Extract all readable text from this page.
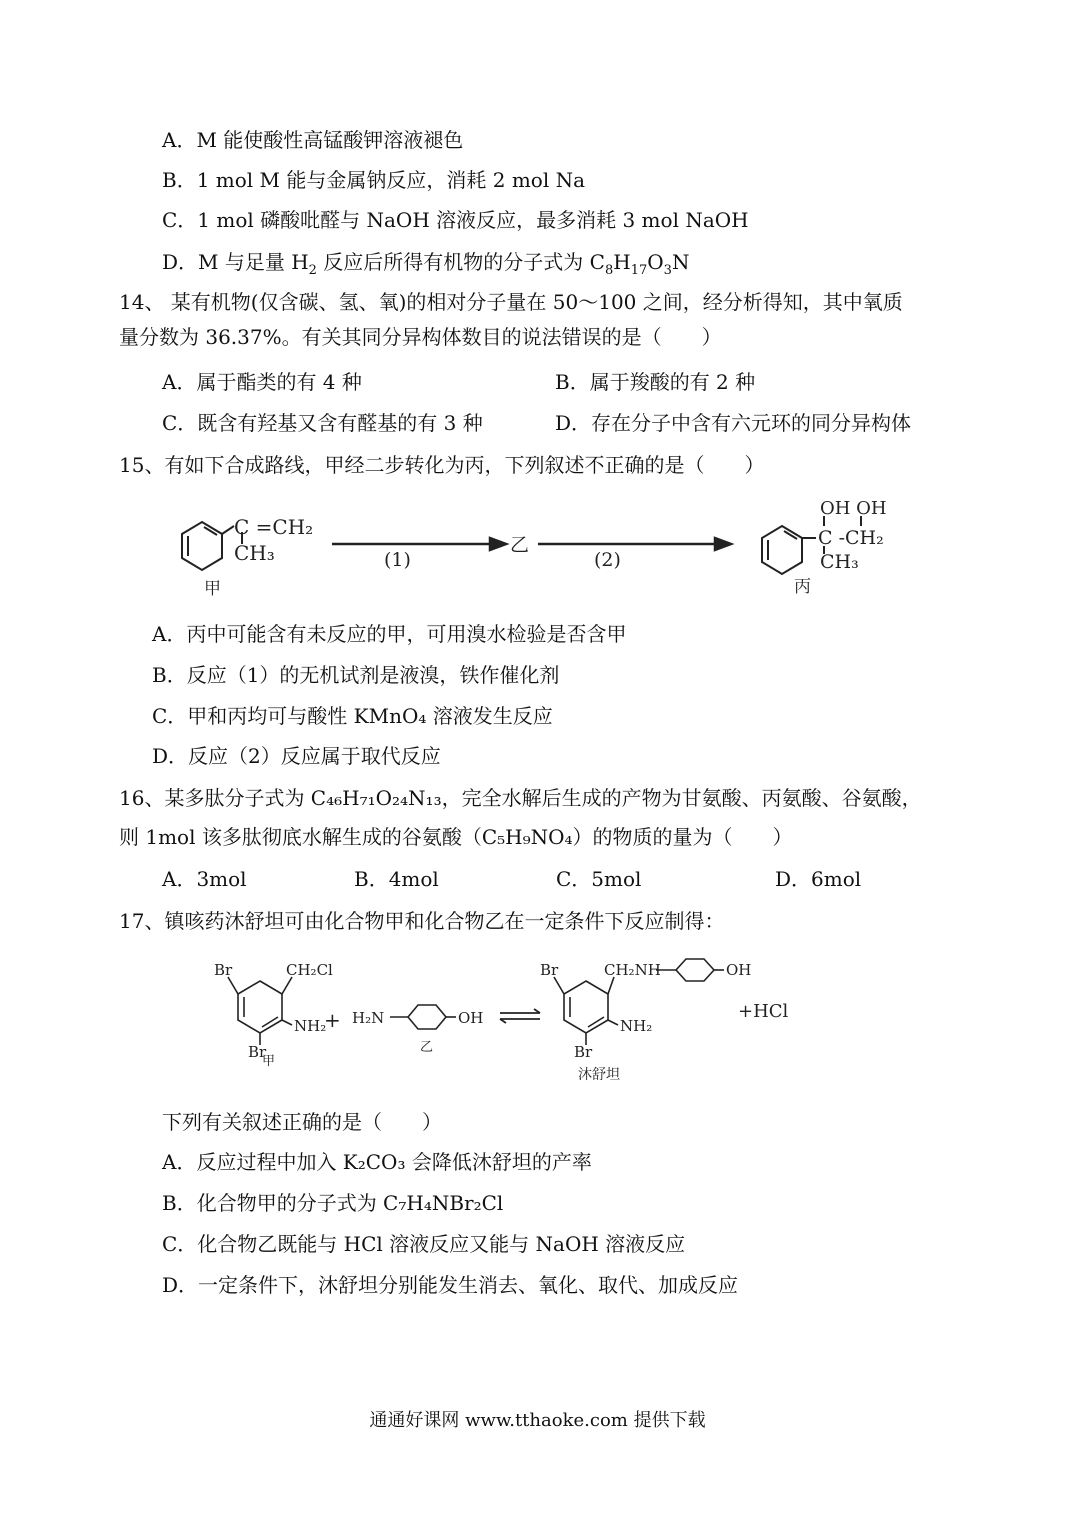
A．M 能使酸性高锰酸钾溶液褪色
B．1 mol M 能与金属钠反应，消耗 2 mol Na
C．1 mol 磷酸吡醛与 NaOH 溶液反应，最多消耗 3 mol NaOH
D．M 与足量 $H_2$ 反应后所得有机物的分子式为 $C_8H_{17}O_3N$
14、 某有机物(仅含碳、氢、氧)的相对分子量在 50～100 之间，经分析得知，其中氧质
量分数为 36.37%。有关其同分异构体数目的说法错误的是（　　）
A．属于酯类的有 4 种	B．属于羧酸的有 2 种
C．既含有羟基又含有醛基的有 3 种	D．存在分子中含有六元环的同分异构体
15、有如下合成路线，甲经二步转化为丙，下列叙述不正确的是（　　）
C =CH₂
CH₃
甲
(1)
乙
(2)
OH OH
C -CH₂
CH₃
丙
A．丙中可能含有未反应的甲，可用溴水检验是否含甲
B．反应（1）的无机试剂是液溴，铁作催化剂
C．甲和丙均可与酸性 KMnO₄ 溶液发生反应
D．反应（2）反应属于取代反应
16、某多肽分子式为 C₄₆H₇₁O₂₄N₁₃，完全水解后生成的产物为甘氨酸、丙氨酸、谷氨酸，
则 1mol 该多肽彻底水解生成的谷氨酸（C₅H₉NO₄）的物质的量为（　　）
A．3mol	B．4mol	C．5mol	D．6mol
17、镇咳药沐舒坦可由化合物甲和化合物乙在一定条件下反应制得：
Br	CH₂Cl
NH₂
Br
甲
+ H₂N	OH
乙
Br	CH₂NH	OH
NH₂
Br
沐舒坦
+HCl
下列有关叙述正确的是（　　）
A．反应过程中加入 K₂CO₃ 会降低沐舒坦的产率
B．化合物甲的分子式为 C₇H₄NBr₂Cl
C．化合物乙既能与 HCl 溶液反应又能与 NaOH 溶液反应
D．一定条件下，沐舒坦分别能发生消去、氧化、取代、加成反应
通通好课网 www.tthaoke.com 提供下载
